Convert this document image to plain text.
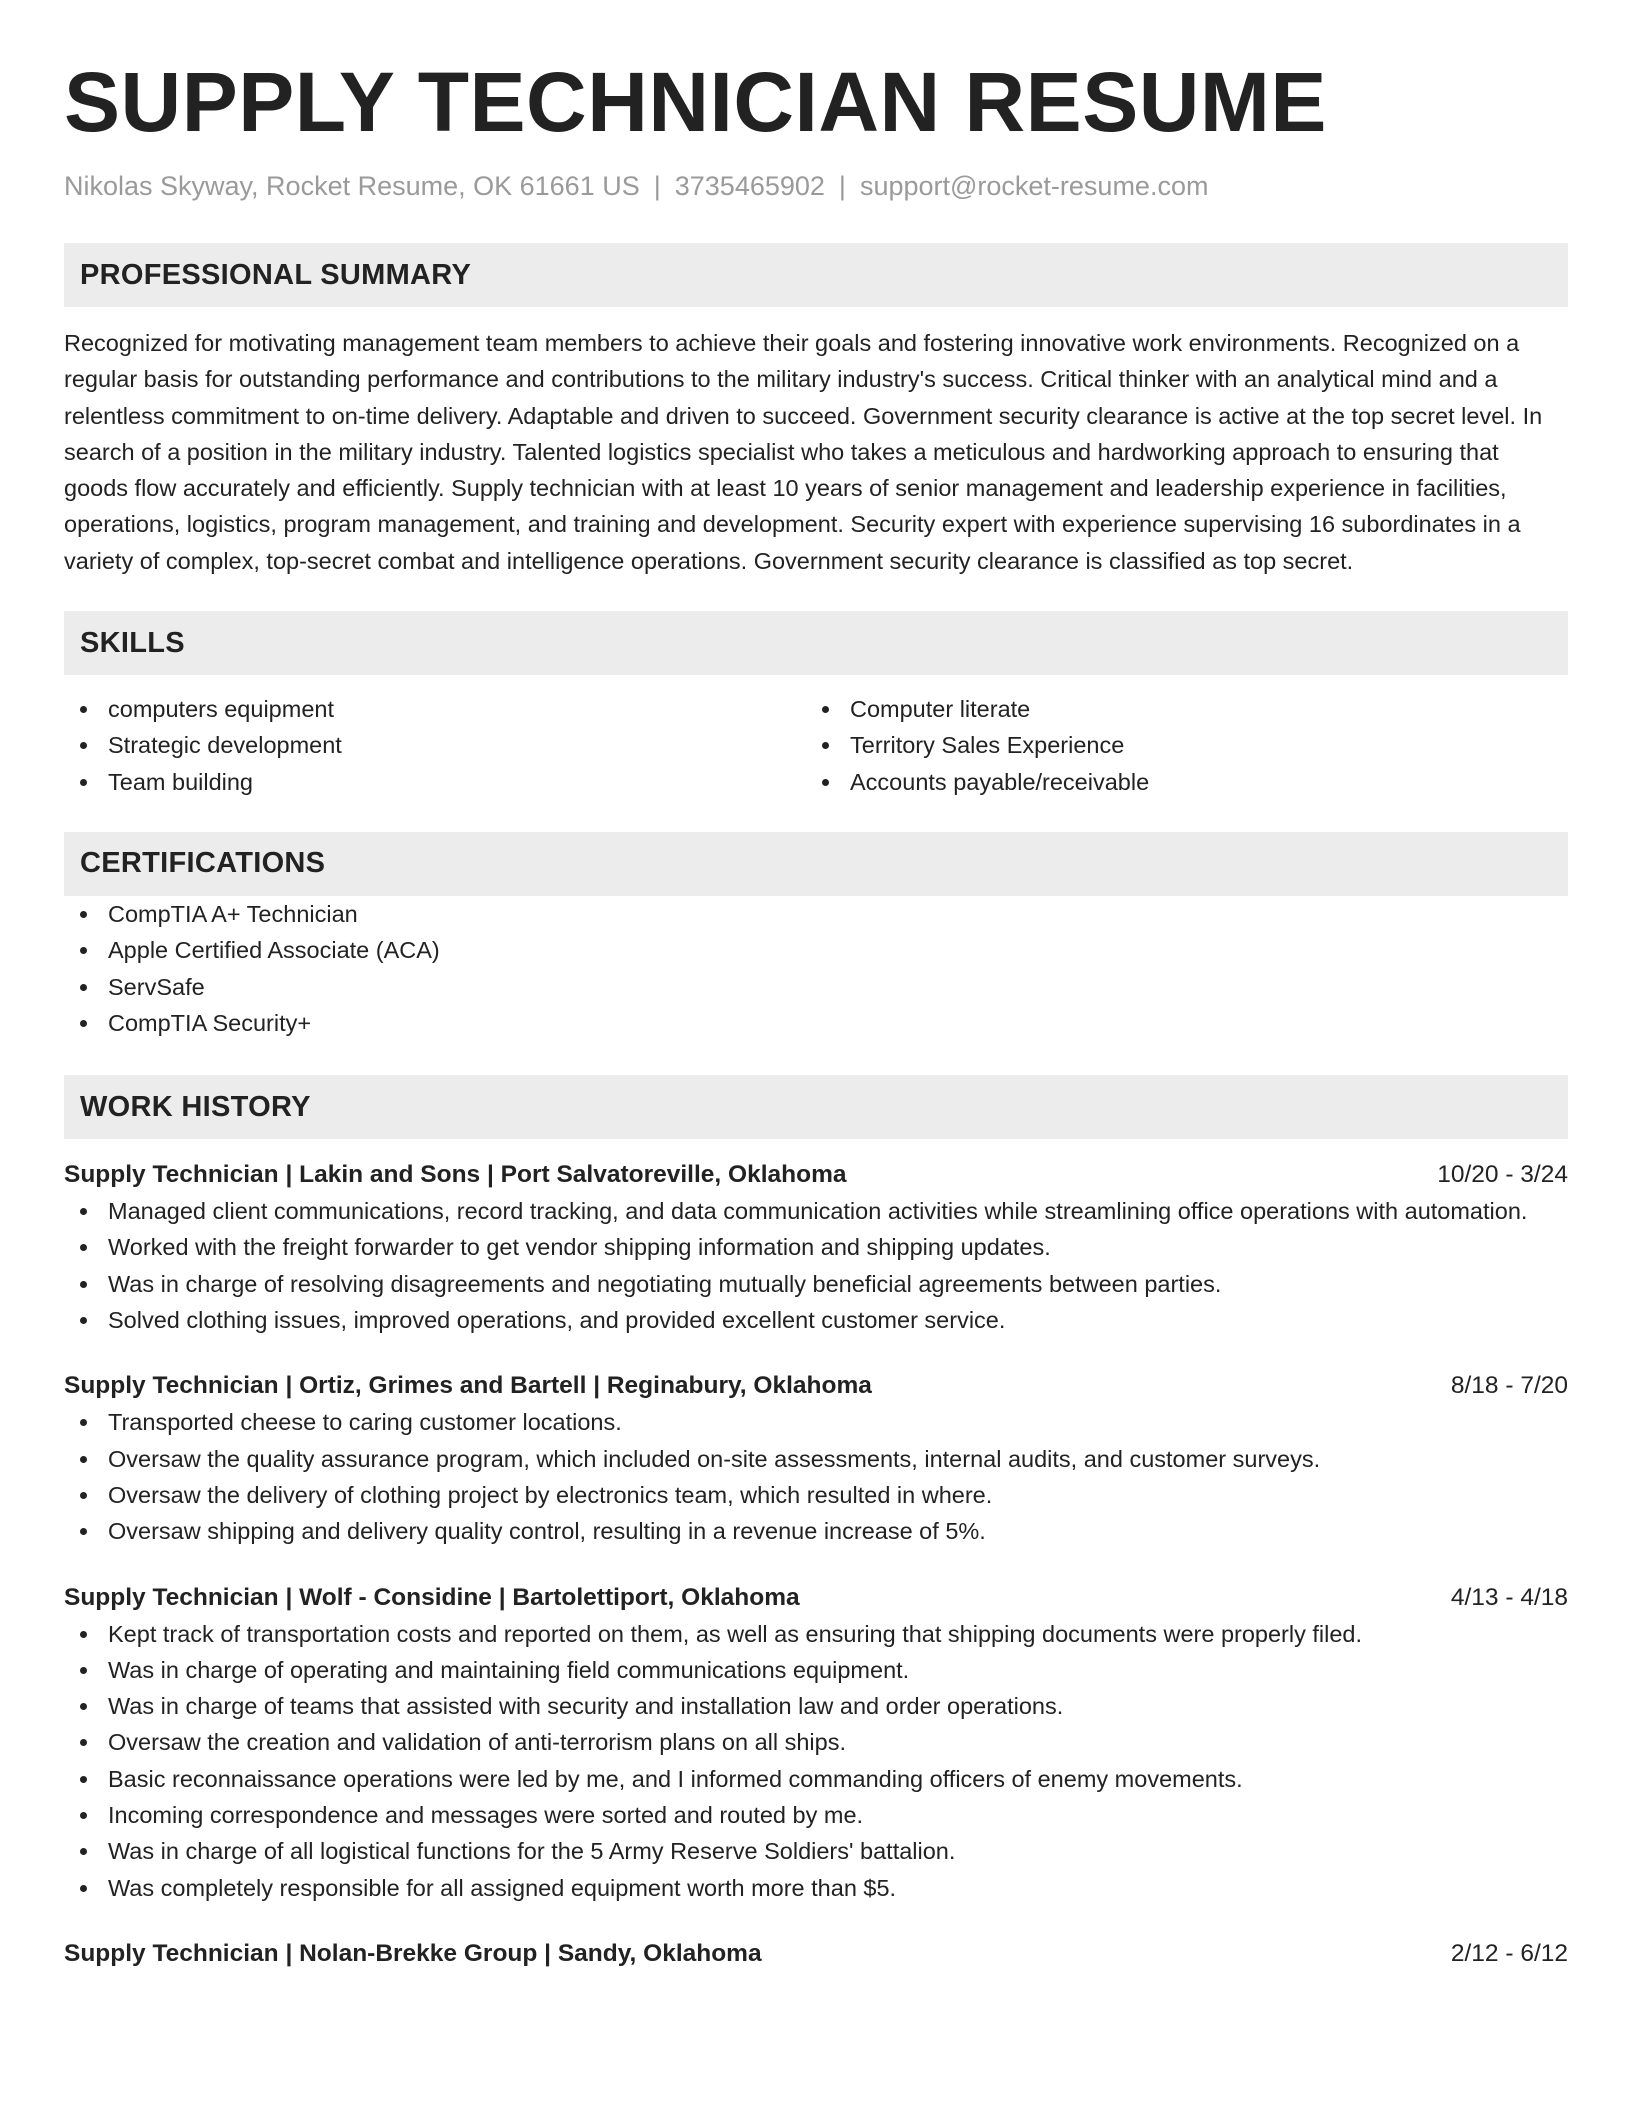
SUPPLY TECHNICIAN RESUME
Nikolas Skyway, Rocket Resume, OK 61661 US | 3735465902 | support@rocket-resume.com
PROFESSIONAL SUMMARY
Recognized for motivating management team members to achieve their goals and fostering innovative work environments. Recognized on a regular basis for outstanding performance and contributions to the military industry's success. Critical thinker with an analytical mind and a relentless commitment to on-time delivery. Adaptable and driven to succeed. Government security clearance is active at the top secret level. In search of a position in the military industry. Talented logistics specialist who takes a meticulous and hardworking approach to ensuring that goods flow accurately and efficiently. Supply technician with at least 10 years of senior management and leadership experience in facilities, operations, logistics, program management, and training and development. Security expert with experience supervising 16 subordinates in a variety of complex, top-secret combat and intelligence operations. Government security clearance is classified as top secret.
SKILLS
computers equipment
Strategic development
Team building
Computer literate
Territory Sales Experience
Accounts payable/receivable
CERTIFICATIONS
CompTIA A+ Technician
Apple Certified Associate (ACA)
ServSafe
CompTIA Security+
WORK HISTORY
Supply Technician | Lakin and Sons | Port Salvatoreville, Oklahoma	10/20 - 3/24
Managed client communications, record tracking, and data communication activities while streamlining office operations with automation.
Worked with the freight forwarder to get vendor shipping information and shipping updates.
Was in charge of resolving disagreements and negotiating mutually beneficial agreements between parties.
Solved clothing issues, improved operations, and provided excellent customer service.
Supply Technician | Ortiz, Grimes and Bartell | Reginabury, Oklahoma	8/18 - 7/20
Transported cheese to caring customer locations.
Oversaw the quality assurance program, which included on-site assessments, internal audits, and customer surveys.
Oversaw the delivery of clothing project by electronics team, which resulted in where.
Oversaw shipping and delivery quality control, resulting in a revenue increase of 5%.
Supply Technician | Wolf - Considine | Bartolettiport, Oklahoma	4/13 - 4/18
Kept track of transportation costs and reported on them, as well as ensuring that shipping documents were properly filed.
Was in charge of operating and maintaining field communications equipment.
Was in charge of teams that assisted with security and installation law and order operations.
Oversaw the creation and validation of anti-terrorism plans on all ships.
Basic reconnaissance operations were led by me, and I informed commanding officers of enemy movements.
Incoming correspondence and messages were sorted and routed by me.
Was in charge of all logistical functions for the 5 Army Reserve Soldiers' battalion.
Was completely responsible for all assigned equipment worth more than $5.
Supply Technician | Nolan-Brekke Group | Sandy, Oklahoma	2/12 - 6/12
